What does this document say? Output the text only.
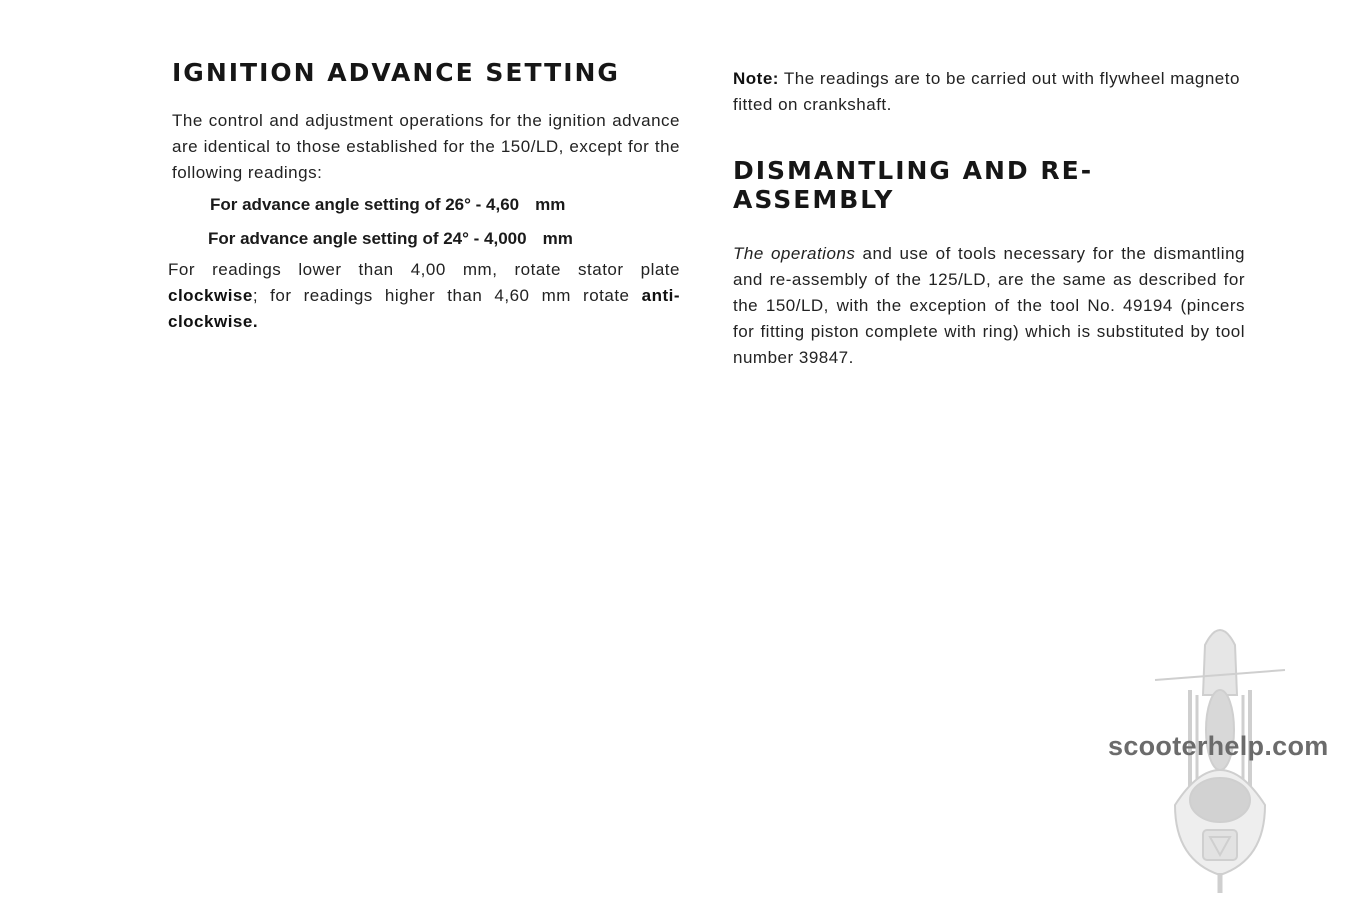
IGNITION ADVANCE SETTING

The control and adjustment operations for the ignition advance are identical to those established for the 150/LD, except for the following readings:

For advance angle setting of 26° - 4,60 mm
For advance angle setting of 24° - 4,000 mm

For readings lower than 4,00 mm, rotate stator plate clockwise; for readings higher than 4,60 mm rotate anti-clockwise.

Note: The readings are to be carried out with flywheel magneto fitted on crankshaft.

DISMANTLING AND RE-ASSEMBLY

The operations and use of tools necessary for the dismantling and re-assembly of the 125/LD, are the same as described for the 150/LD, with the exception of the tool No. 49194 (pincers for fitting piston complete with ring) which is substituted by tool number 39847.

scooterhelp.com
